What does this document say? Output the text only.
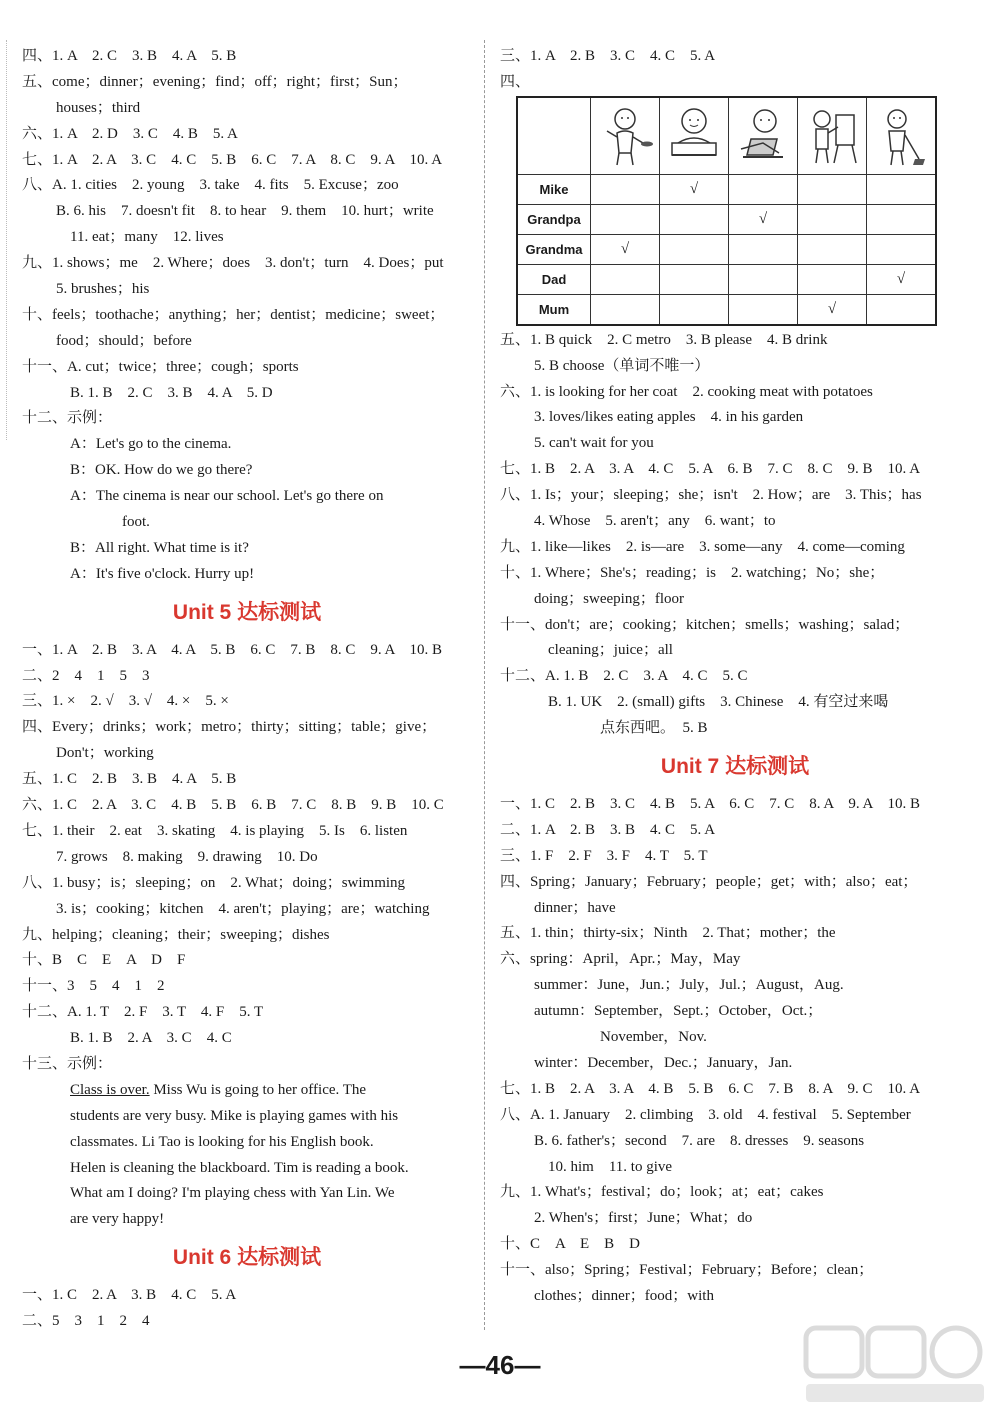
四、1. A　2. C　3. B　4. A　5. B
五、come；dinner；evening；find；off；right；first；Sun；
houses；third
六、1. A　2. D　3. C　4. B　5. A
七、1. A　2. A　3. C　4. C　5. B　6. C　7. A　8. C　9. A　10. A
八、A. 1. cities　2. young　3. take　4. fits　5. Excuse；zoo
B. 6. his　7. doesn't fit　8. to hear　9. them　10. hurt；write
11. eat；many　12. lives
九、1. shows；me　2. Where；does　3. don't；turn　4. Does；put
5. brushes；his
十、feels；toothache；anything；her；dentist；medicine；sweet；
food；should；before
十一、A. cut；twice；three；cough；sports
B. 1. B　2. C　3. B　4. A　5. D
十二、示例：
A：Let's go to the cinema.
B：OK. How do we go there?
A：The cinema is near our school. Let's go there on
foot.
B：All right. What time is it?
A：It's five o'clock. Hurry up!
Unit 5 达标测试
一、1. A　2. B　3. A　4. A　5. B　6. C　7. B　8. C　9. A　10. B
二、2　4　1　5　3
三、1. ×　2. √　3. √　4. ×　5. ×
四、Every；drinks；work；metro；thirty；sitting；table；give；
Don't；working
五、1. C　2. B　3. B　4. A　5. B
六、1. C　2. A　3. C　4. B　5. B　6. B　7. C　8. B　9. B　10. C
七、1. their　2. eat　3. skating　4. is playing　5. Is　6. listen
7. grows　8. making　9. drawing　10. Do
八、1. busy；is；sleeping；on　2. What；doing；swimming
3. is；cooking；kitchen　4. aren't；playing；are；watching
九、helping；cleaning；their；sweeping；dishes
十、B　C　E　A　D　F
十一、3　5　4　1　2
十二、A. 1. T　2. F　3. T　4. F　5. T
B. 1. B　2. A　3. C　4. C
十三、示例：
Class is over. Miss Wu is going to her office. The
students are very busy. Mike is playing games with his
classmates. Li Tao is looking for his English book.
Helen is cleaning the blackboard. Tim is reading a book.
What am I doing? I'm playing chess with Yan Lin. We
are very happy!
Unit 6 达标测试
一、1. C　2. A　3. B　4. C　5. A
二、5　3　1　2　4
三、1. A　2. B　3. C　4. C　5. A
四、

Mike		√			
Grandpa			√		
Grandma	√				
Dad					√
Mum				√	
五、1. B quick　2. C metro　3. B please　4. B drink
5. B choose（单词不唯一）
六、1. is looking for her coat　2. cooking meat with potatoes
3. loves/likes eating apples　4. in his garden
5. can't wait for you
七、1. B　2. A　3. A　4. C　5. A　6. B　7. C　8. C　9. B　10. A
八、1. Is；your；sleeping；she；isn't　2. How；are　3. This；has
4. Whose　5. aren't；any　6. want；to
九、1. like—likes　2. is—are　3. some—any　4. come—coming
十、1. Where；She's；reading；is　2. watching；No；she；
doing；sweeping；floor
十一、don't；are；cooking；kitchen；smells；washing；salad；
cleaning；juice；all
十二、A. 1. B　2. C　3. A　4. C　5. C
B. 1. UK　2. (small) gifts　3. Chinese　4. 有空过来喝
点东西吧。　5. B
Unit 7 达标测试
一、1. C　2. B　3. C　4. B　5. A　6. C　7. C　8. A　9. A　10. B
二、1. A　2. B　3. B　4. C　5. A
三、1. F　2. F　3. F　4. T　5. T
四、Spring；January；February；people；get；with；also；eat；
dinner；have
五、1. thin；thirty-six；Ninth　2. That；mother；the
六、spring：April，Apr.；May，May
summer：June，Jun.；July，Jul.；August，Aug.
autumn：September，Sept.；October，Oct.；
November，Nov.
winter：December，Dec.；January，Jan.
七、1. B　2. A　3. A　4. B　5. B　6. C　7. B　8. A　9. C　10. A
八、A. 1. January　2. climbing　3. old　4. festival　5. September
B. 6. father's；second　7. are　8. dresses　9. seasons
10. him　11. to give
九、1. What's；festival；do；look；at；eat；cakes
2. When's；first；June；What；do
十、C　A　E　B　D
十一、also；Spring；Festival；February；Before；clean；
clothes；dinner；food；with
—46—
